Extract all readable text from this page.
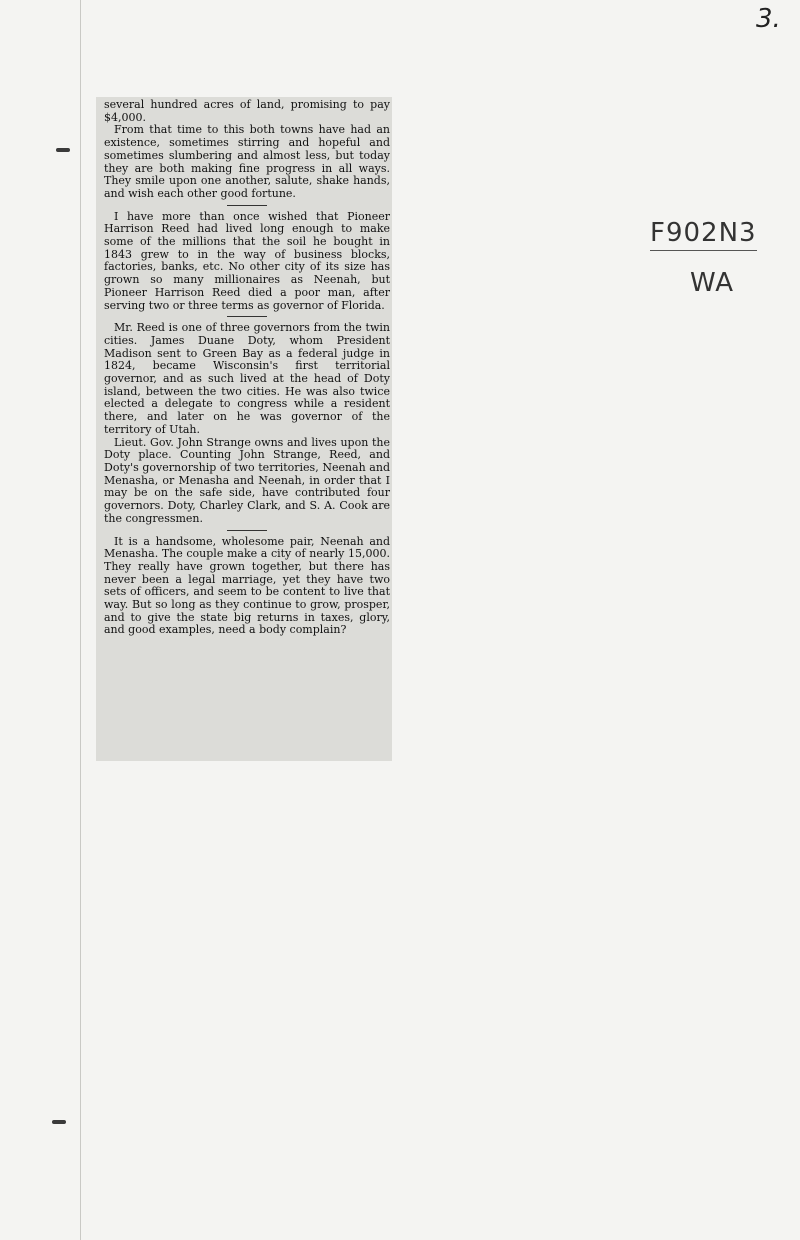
3.
F902N3
WA

several hundred acres of land, promising to pay $4,000.

From that time to this both towns have had an existence, sometimes stirring and hopeful and sometimes slumbering and almost less, but today they are both making fine progress in all ways. They smile upon one another, salute, shake hands, and wish each other good fortune.

I have more than once wished that Pioneer Harrison Reed had lived long enough to make some of the millions that the soil he bought in 1843 grew to in the way of business blocks, factories, banks, etc. No other city of its size has grown so many millionaires as Neenah, but Pioneer Harrison Reed died a poor man, after serving two or three terms as governor of Florida.

Mr. Reed is one of three governors from the twin cities. James Duane Doty, whom President Madison sent to Green Bay as a federal judge in 1824, became Wisconsin's first territorial governor, and as such lived at the head of Doty island, between the two cities. He was also twice elected a delegate to congress while a resident there, and later on he was governor of the territory of Utah.

Lieut. Gov. John Strange owns and lives upon the Doty place. Counting John Strange, Reed, and Doty's governorship of two territories, Neenah and Menasha, or Menasha and Neenah, in order that I may be on the safe side, have contributed four governors. Doty, Charley Clark, and S. A. Cook are the congressmen.

It is a handsome, wholesome pair, Neenah and Menasha. The couple make a city of nearly 15,000. They really have grown together, but there has never been a legal marriage, yet they have two sets of officers, and seem to be content to live that way. But so long as they continue to grow, prosper, and to give the state big returns in taxes, glory, and good examples, need a body complain?
